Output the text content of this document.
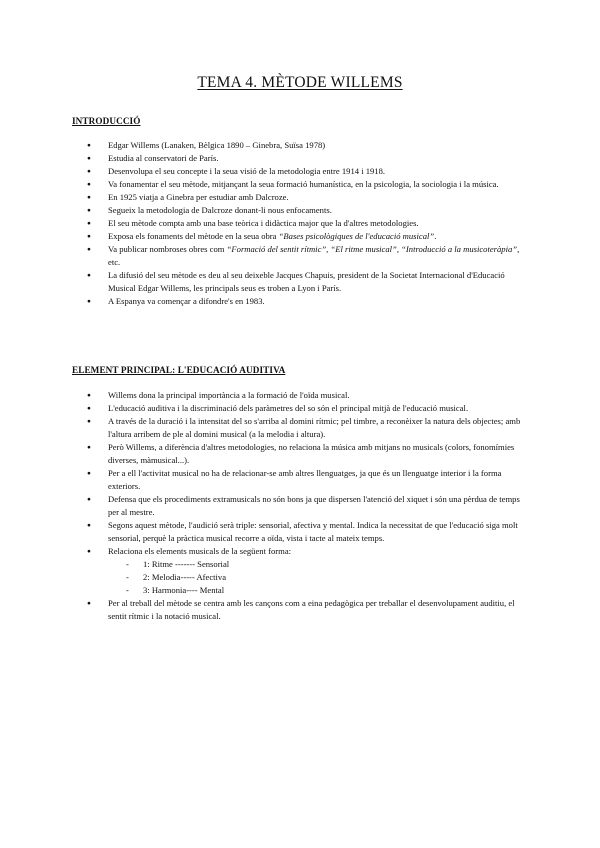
TEMA 4. MÈTODE WILLEMS
INTRODUCCIÓ
● Edgar Willems (Lanaken, Bèlgica 1890 – Ginebra, Suïsa 1978)
● Estudia al conservatori de París.
● Desenvolupa el seu concepte i la seua visió de la metodologia entre 1914 i 1918.
● Va fonamentar el seu mètode, mitjançant la seua formació humanística, en la psicologia, la sociologia i la música.
● En 1925 viatja a Ginebra per estudiar amb Dalcroze.
● Segueix la metodologia de Dalcroze donant-li nous enfocaments.
● El seu mètode compta amb una base teòrica i didàctica major que la d'altres metodologies.
● Exposa els fonaments del mètode en la seua obra “Bases psicològiques de l'educació musical”.
● Va publicar nombroses obres com “Formació del sentit rítmic”, “El ritme musical”, “Introducció a la musicoteràpia”, etc.
● La difusió del seu mètode es deu al seu deixeble Jacques Chapuis, president de la Societat Internacional d'Educació Musical Edgar Willems, les principals seus es troben a Lyon i París.
● A Espanya va començar a difondre's en 1983.
ELEMENT PRINCIPAL: L'EDUCACIÓ AUDITIVA
● Willems dona la principal importància a la formació de l'oïda musical.
● L'educació auditiva i la discriminació dels paràmetres del so són el principal mitjà de l'educació musical.
● A través de la duració i la intensitat del so s'arriba al domini rítmic; pel timbre, a reconèixer la natura dels objectes; amb l'altura arribem de ple al domini musical (a la melodia i altura).
● Però Willems, a diferència d'altres metodologies, no relaciona la música amb mitjans no musicals (colors, fonomímies diverses, màmusical...).
● Per a ell l'activitat musical no ha de relacionar-se amb altres llenguatges, ja que és un llenguatge interior i la forma exteriors.
● Defensa que els procediments extramusicals no són bons ja que dispersen l'atenció del xiquet i són una pèrdua de temps per al mestre.
● Segons aquest mètode, l'audició serà triple: sensorial, afectiva y mental. Indica la necessitat de que l'educació siga molt sensorial, perquè la pràctica musical recorre a oïda, vista i tacte al mateix temps.
● Relaciona els elements musicals de la següent forma:
- 1: Ritme ------- Sensorial
- 2: Melodia----- Afectiva
- 3: Harmonia---- Mental
● Per al treball del mètode se centra amb les cançons com a eina pedagògica per treballar el desenvolupament auditiu, el sentit rítmic i la notació musical.
